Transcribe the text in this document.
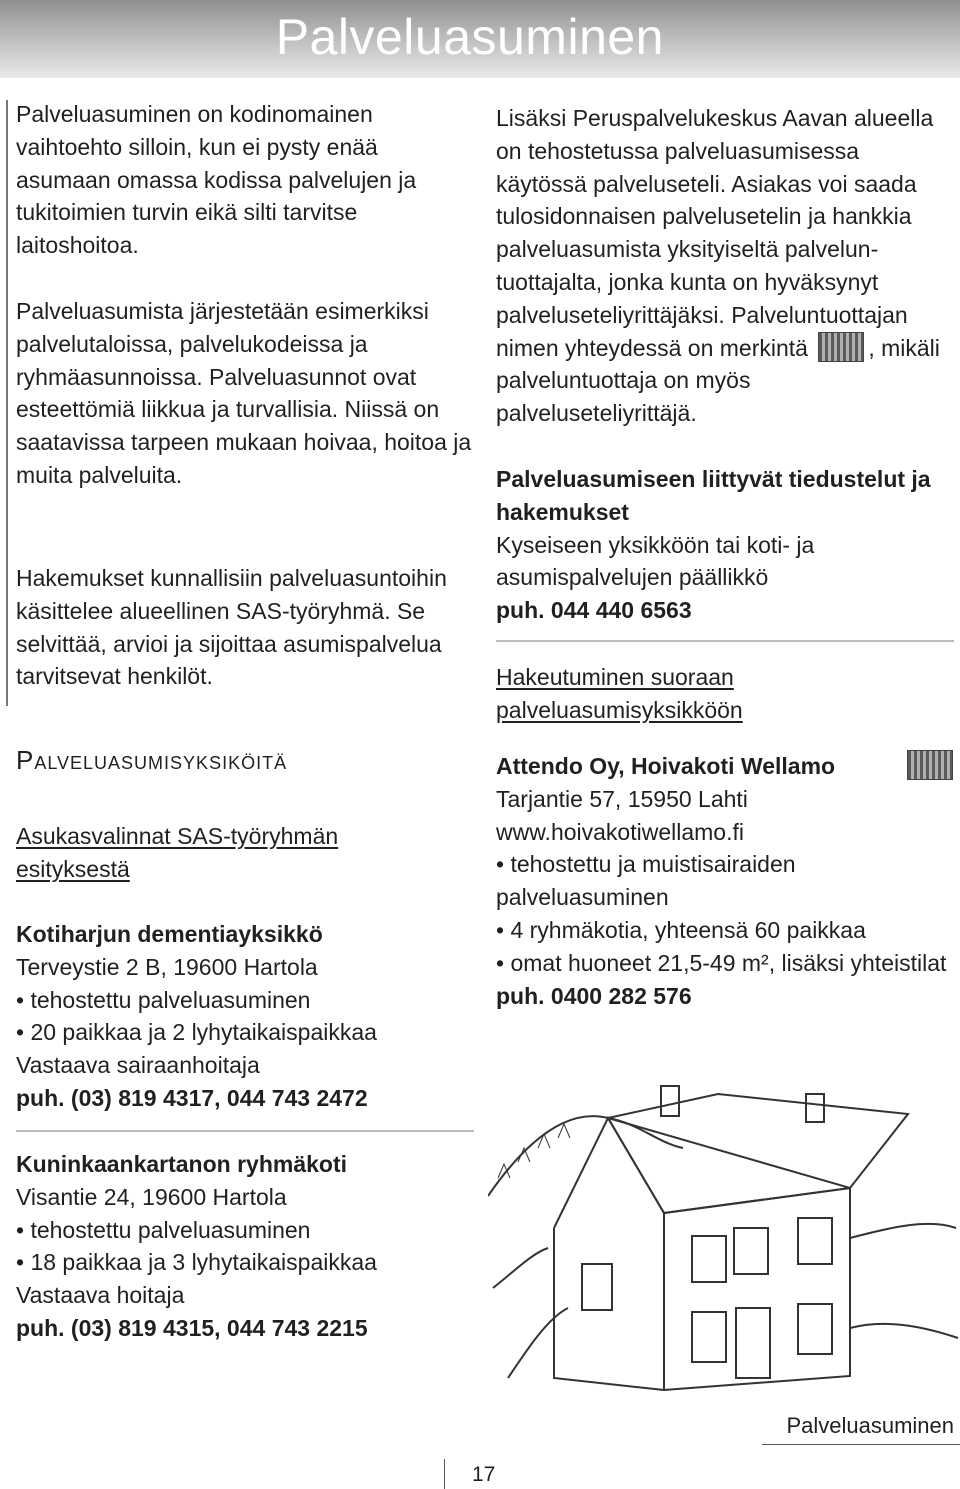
Palveluasuminen

Palveluasuminen on kodinomainen vaihtoehto silloin, kun ei pysty enää asumaan omassa kodissa palvelujen ja tukitoimien turvin eikä silti tarvitse laitoshoitoa.

Palveluasumista järjestetään esimerkiksi palvelutaloissa, palvelukodeissa ja ryhmäasunnoissa. Palveluasunnot ovat esteettömiä liikkua ja turvallisia. Niissä on saatavissa tarpeen mukaan hoivaa, hoitoa ja muita palveluita.

Hakemukset kunnallisiin palveluasuntoihin käsittelee alueellinen SAS-työryhmä. Se selvittää, arvioi ja sijoittaa asumispalvelua tarvitsevat henkilöt.

Palveluasumisyksiköitä
Asukasvalinnat SAS-työryhmän esityksestä

Kotiharjun dementiayksikkö

Terveystie 2 B, 19600 Hartola

• tehostettu palveluasuminen

• 20 paikkaa ja 2 lyhytaikaispaikkaa

Vastaava sairaanhoitaja

puh. (03) 819 4317, 044 743 2472

Kuninkaankartanon ryhmäkoti

Visantie 24, 19600 Hartola

• tehostettu palveluasuminen

• 18 paikkaa ja 3 lyhytaikaispaikkaa

Vastaava hoitaja

puh. (03) 819 4315, 044 743 2215

Lisäksi Peruspalvelukeskus Aavan alueella on tehostetussa palveluasumisessa käytössä palveluseteli. Asiakas voi saada tulosidonnaisen palvelusetelin ja hankkia palveluasumista yksityiseltä palvelun-tuottajalta, jonka kunta on hyväksynyt palveluseteliyrittäjäksi. Palveluntuottajan nimen yhteydessä on merkintä	, mikäli palveluntuottaja on myös palveluseteliyrittäjä.

Palveluasumiseen liittyvät tiedustelut ja hakemukset

Kyseiseen yksikköön tai koti- ja asumispalvelujen päällikkö

puh. 044 440 6563

Hakeutuminen suoraan palveluasumisyksikköön

Attendo Oy, Hoivakoti Wellamo

Tarjantie 57, 15950 Lahti

www.hoivakotiwellamo.fi

• tehostettu ja muistisairaiden palveluasuminen

• 4 ryhmäkotia, yhteensä 60 paikkaa

• omat huoneet 21,5-49 m², lisäksi yhteistilat

puh. 0400 282 576

Palveluasuminen
17
